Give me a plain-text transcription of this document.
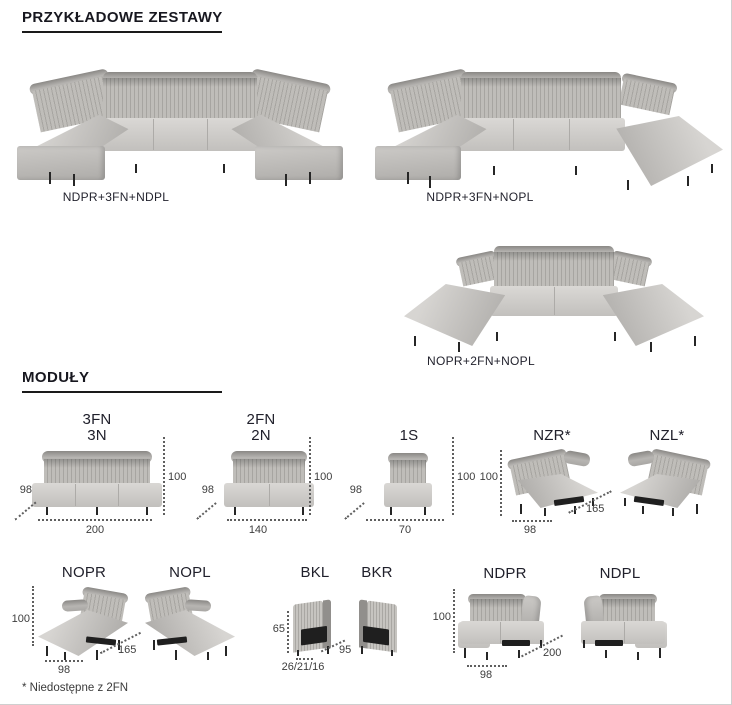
PRZYKŁADOWE ZESTAWY
NDPR+3FN+NDPL	NDPR+3FN+NOPL
NOPR+2FN+NOPL
MODUŁY
3FN
3N
100
98
200
2FN
2N
100
98
140
1S
100
98
70
NZR*
100
165
98
NZL*
NOPR
100
165
98
NOPL	BKL
65
95
26/21/16
BKR	NDPR
100
200
98
NDPL
* Niedostępne z 2FN
